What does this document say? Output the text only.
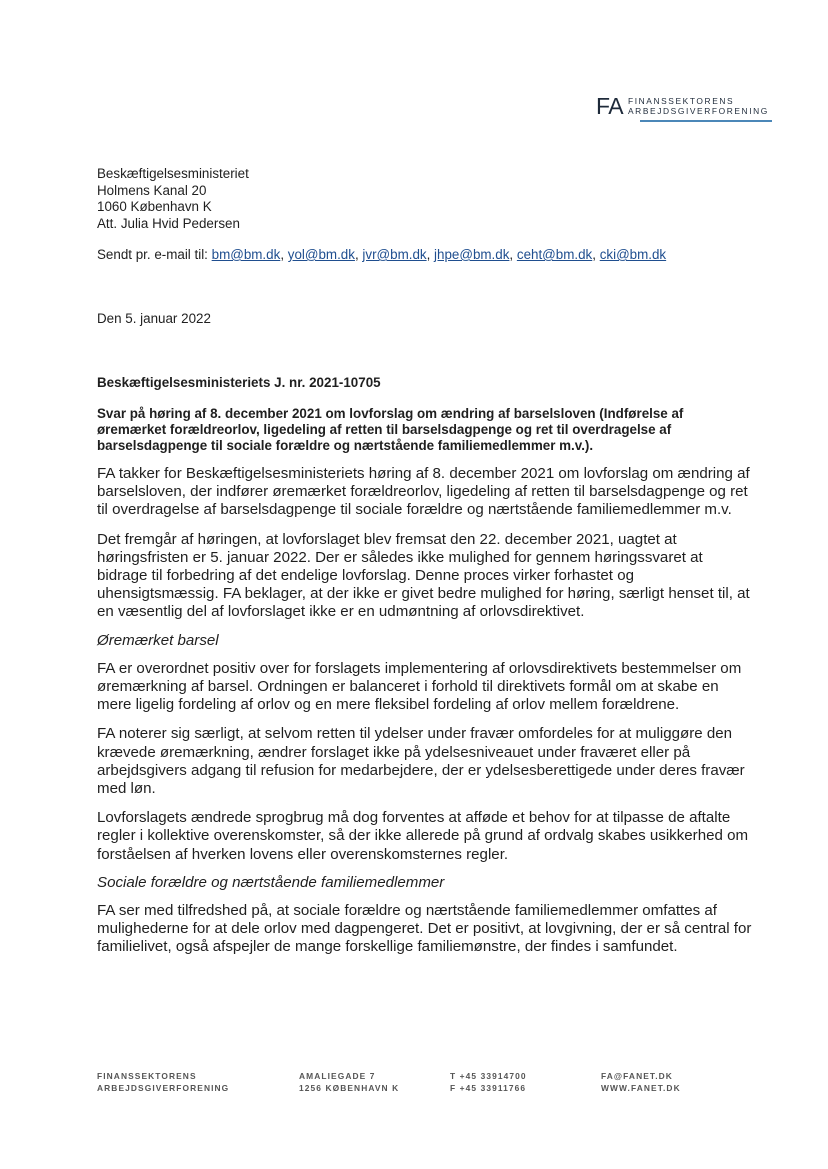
FA FINANSSEKTORENS
ARBEJDSGIVERFORENING
Beskæftigelsesministeriet
Holmens Kanal 20
1060 København K
Att. Julia Hvid Pedersen
Sendt pr. e-mail til: bm@bm.dk, yol@bm.dk, jvr@bm.dk, jhpe@bm.dk, ceht@bm.dk, cki@bm.dk
Den 5. januar 2022
Beskæftigelsesministeriets J. nr. 2021-10705
Svar på høring af 8. december 2021 om lovforslag om ændring af barselsloven (Indførelse af øremærket forældreorlov, ligedeling af retten til barselsdagpenge og ret til overdragelse af barselsdagpenge til sociale forældre og nærtstående familiemedlemmer m.v.).

FA takker for Beskæftigelsesministeriets høring af 8. december 2021 om lovforslag om ændring af barselsloven, der indfører øremærket forældreorlov, ligedeling af retten til barselsdagpenge og ret til overdragelse af barselsdagpenge til sociale forældre og nærtstående familiemedlemmer m.v.

Det fremgår af høringen, at lovforslaget blev fremsat den 22. december 2021, uagtet at høringsfristen er 5. januar 2022. Der er således ikke mulighed for gennem høringssvaret at bidrage til forbedring af det endelige lovforslag. Denne proces virker forhastet og uhensigtsmæssig. FA beklager, at der ikke er givet bedre mulighed for høring, særligt henset til, at en væsentlig del af lovforslaget ikke er en udmøntning af orlovsdirektivet.

Øremærket barsel

FA er overordnet positiv over for forslagets implementering af orlovsdirektivets bestemmelser om øremærkning af barsel. Ordningen er balanceret i forhold til direktivets formål om at skabe en mere ligelig fordeling af orlov og en mere fleksibel fordeling af orlov mellem forældrene.

FA noterer sig særligt, at selvom retten til ydelser under fravær omfordeles for at muliggøre den krævede øremærkning, ændrer forslaget ikke på ydelsesniveauet under fraværet eller på arbejdsgivers adgang til refusion for medarbejdere, der er ydelsesberettigede under deres fravær med løn.

Lovforslagets ændrede sprogbrug må dog forventes at afføde et behov for at tilpasse de aftalte regler i kollektive overenskomster, så der ikke allerede på grund af ordvalg skabes usikkerhed om forståelsen af hverken lovens eller overenskomsternes regler.

Sociale forældre og nærtstående familiemedlemmer

FA ser med tilfredshed på, at sociale forældre og nærtstående familiemedlemmer omfattes af mulighederne for at dele orlov med dagpengeret. Det er positivt, at lovgivning, der er så central for familielivet, også afspejler de mange forskellige familiemønstre, der findes i samfundet.

FINANSSEKTORENS
ARBEJDSGIVERFORENING
AMALIEGADE 7
1256 KØBENHAVN K
T +45 33914700
F +45 33911766
FA@FANET.DK
WWW.FANET.DK
